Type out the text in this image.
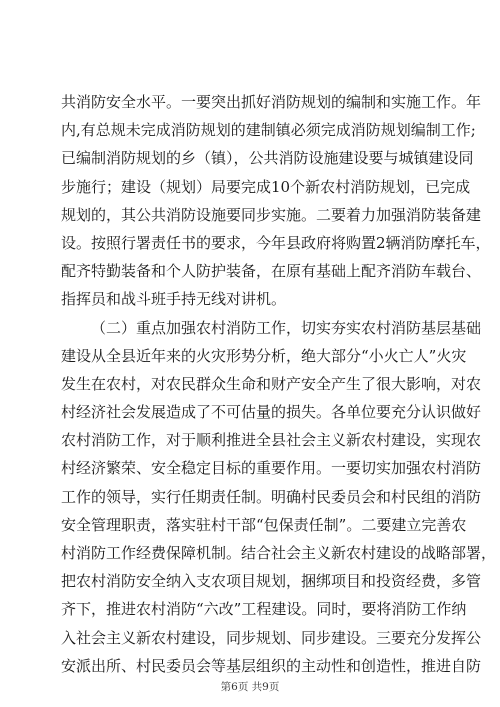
共消防安全水平。一要突出抓好消防规划的编制和实施工作。年
内,有总规未完成消防规划的建制镇必须完成消防规划编制工作;
已编制消防规划的乡（镇），公共消防设施建设要与城镇建设同
步施行；建设（规划）局要完成10个新农村消防规划，已完成
规划的，其公共消防设施要同步实施。二要着力加强消防装备建
设。按照行署责任书的要求，今年县政府将购置2辆消防摩托车，
配齐特勤装备和个人防护装备，在原有基础上配齐消防车载台、
指挥员和战斗班手持无线对讲机。
（二）重点加强农村消防工作，切实夯实农村消防基层基础
建设从全县近年来的火灾形势分析，绝大部分“小火亡人”火灾
发生在农村，对农民群众生命和财产安全产生了很大影响，对农
村经济社会发展造成了不可估量的损失。各单位要充分认识做好
农村消防工作，对于顺利推进全县社会主义新农村建设，实现农
村经济繁荣、安全稳定目标的重要作用。一要切实加强农村消防
工作的领导，实行任期责任制。明确村民委员会和村民组的消防
安全管理职责，落实驻村干部“包保责任制”。二要建立完善农
村消防工作经费保障机制。结合社会主义新农村建设的战略部署，
把农村消防安全纳入支农项目规划，捆绑项目和投资经费，多管
齐下，推进农村消防“六改”工程建设。同时，要将消防工作纳
入社会主义新农村建设，同步规划、同步建设。三要充分发挥公
安派出所、村民委员会等基层组织的主动性和创造性，推进自防
第6页 共9页
